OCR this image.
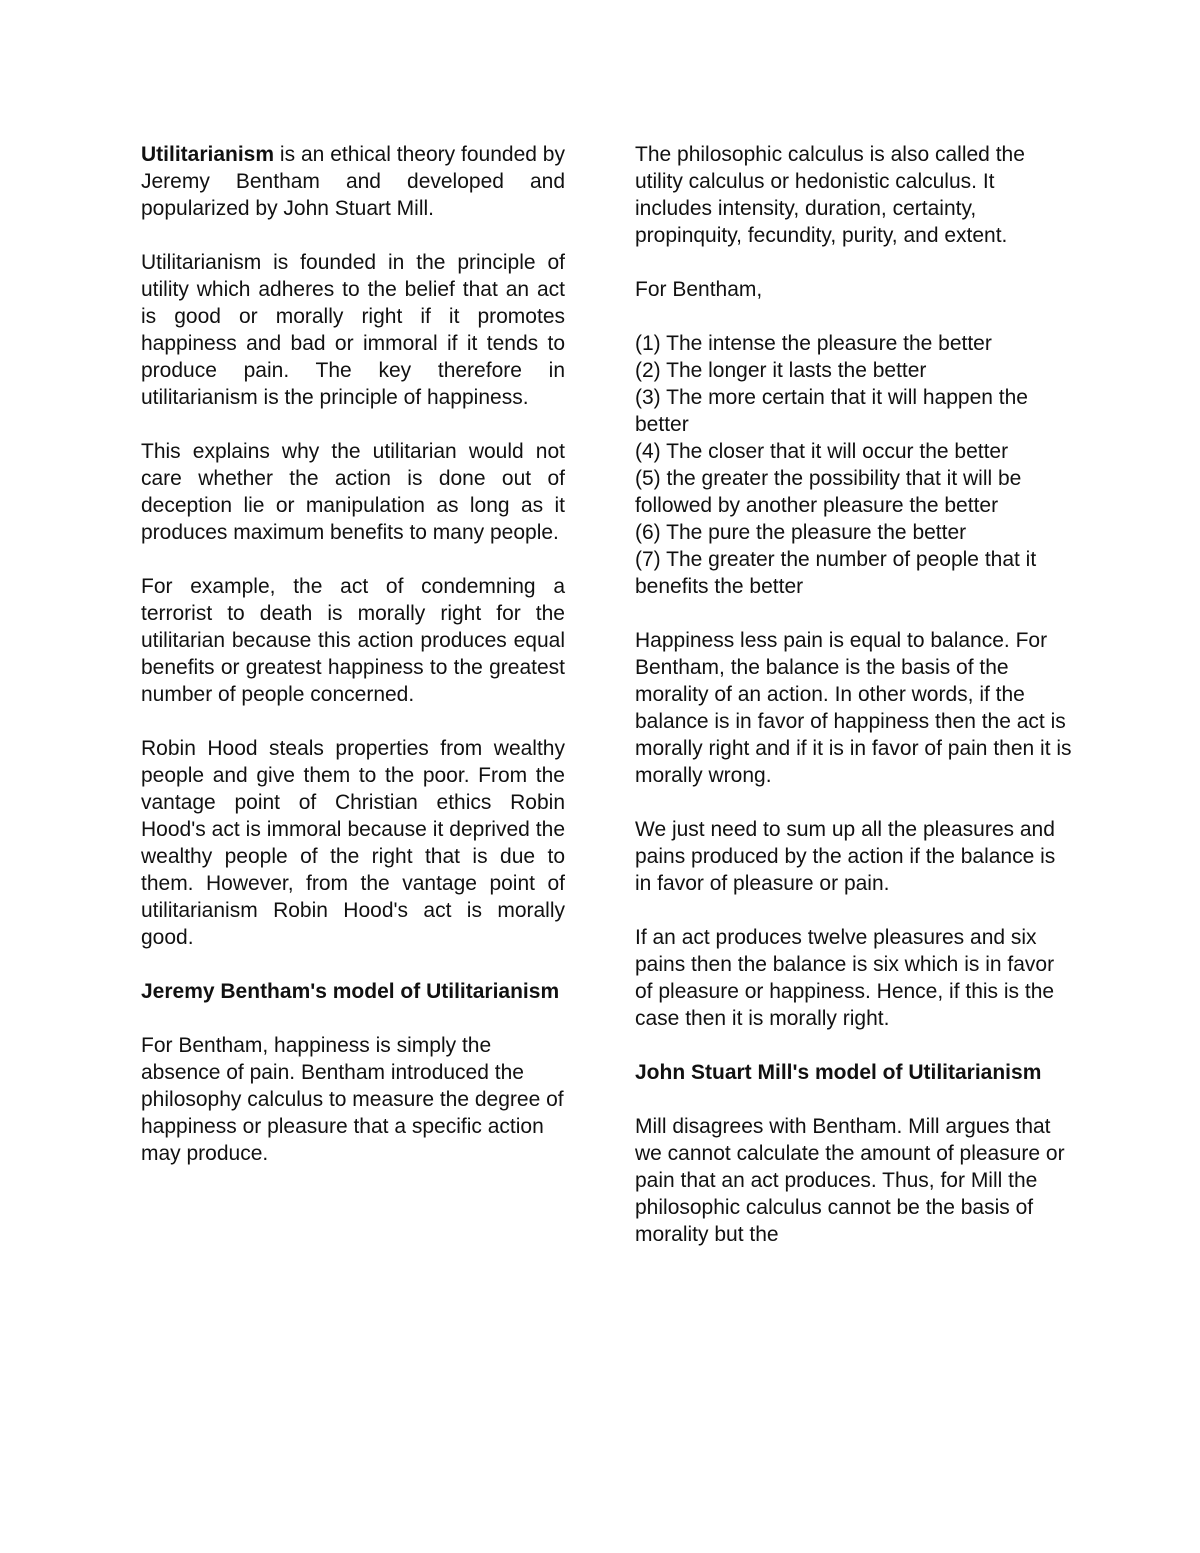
Utilitarianism is an ethical theory founded by Jeremy Bentham and developed and popularized by John Stuart Mill.

Utilitarianism is founded in the principle of utility which adheres to the belief that an act is good or morally right if it promotes happiness and bad or immoral if it tends to produce pain. The key therefore in utilitarianism is the principle of happiness.

This explains why the utilitarian would not care whether the action is done out of deception lie or manipulation as long as it produces maximum benefits to many people.

For example, the act of condemning a terrorist to death is morally right for the utilitarian because this action produces equal benefits or greatest happiness to the greatest number of people concerned.

Robin Hood steals properties from wealthy people and give them to the poor. From the vantage point of Christian ethics Robin Hood's act is immoral because it deprived the wealthy people of the right that is due to them. However, from the vantage point of utilitarianism Robin Hood's act is morally good.

Jeremy Bentham's model of Utilitarianism

For Bentham, happiness is simply the absence of pain. Bentham introduced the philosophy calculus to measure the degree of happiness or pleasure that a specific action may produce.

The philosophic calculus is also called the utility calculus or hedonistic calculus. It includes intensity, duration, certainty, propinquity, fecundity, purity, and extent.

For Bentham,

(1) The intense the pleasure the better
(2) The longer it lasts the better
(3) The more certain that it will happen the better
(4) The closer that it will occur the better
(5) the greater the possibility that it will be followed by another pleasure the better
(6) The pure the pleasure the better
(7) The greater the number of people that it benefits the better

Happiness less pain is equal to balance. For Bentham, the balance is the basis of the morality of an action. In other words, if the balance is in favor of happiness then the act is morally right and if it is in favor of pain then it is morally wrong.

We just need to sum up all the pleasures and pains produced by the action if the balance is in favor of pleasure or pain.

If an act produces twelve pleasures and six pains then the balance is six which is in favor of pleasure or happiness. Hence, if this is the case then it is morally right.

John Stuart Mill's model of Utilitarianism

Mill disagrees with Bentham. Mill argues that we cannot calculate the amount of pleasure or pain that an act produces. Thus, for Mill the philosophic calculus cannot be the basis of morality but the
